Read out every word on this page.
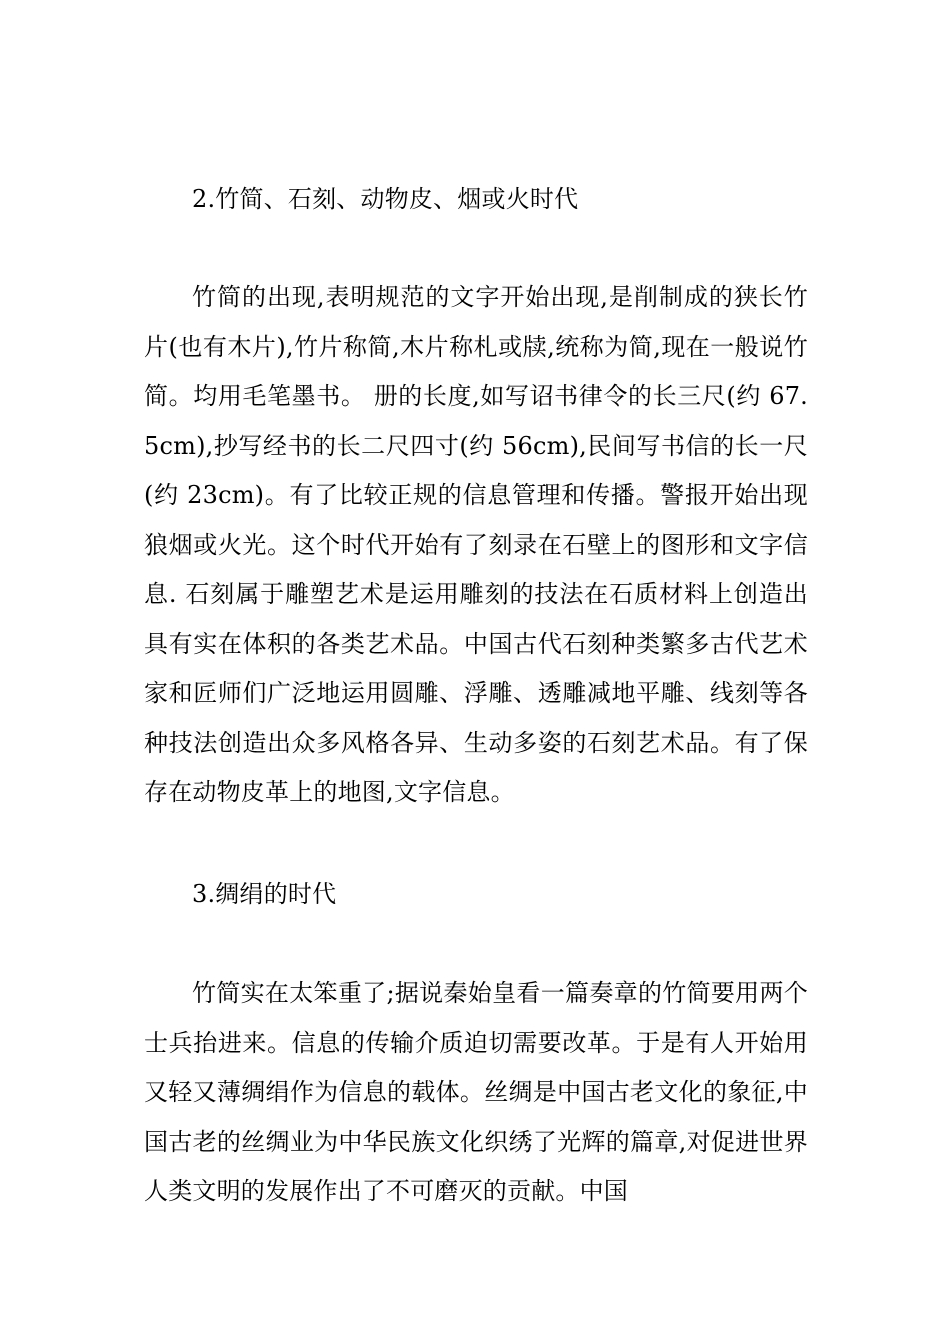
2.竹简、石刻、动物皮、烟或火时代

竹简的出现,表明规范的文字开始出现,是削制成的狭长竹片(也有木片),竹片称简,木片称札或牍,统称为简,现在一般说竹简。均用毛笔墨书。 册的长度,如写诏书律令的长三尺(约 67.5cm),抄写经书的长二尺四寸(约 56cm),民间写书信的长一尺(约 23cm)。有了比较正规的信息管理和传播。警报开始出现狼烟或火光。这个时代开始有了刻录在石壁上的图形和文字信息. 石刻属于雕塑艺术是运用雕刻的技法在石质材料上创造出具有实在体积的各类艺术品。中国古代石刻种类繁多古代艺术家和匠师们广泛地运用圆雕、浮雕、透雕减地平雕、线刻等各种技法创造出众多风格各异、生动多姿的石刻艺术品。有了保存在动物皮革上的地图,文字信息。

3.绸绢的时代

竹简实在太笨重了;据说秦始皇看一篇奏章的竹简要用两个士兵抬进来。信息的传输介质迫切需要改革。于是有人开始用又轻又薄绸绢作为信息的载体。丝绸是中国古老文化的象征,中国古老的丝绸业为中华民族文化织绣了光辉的篇章,对促进世界人类文明的发展作出了不可磨灭的贡献。中国
